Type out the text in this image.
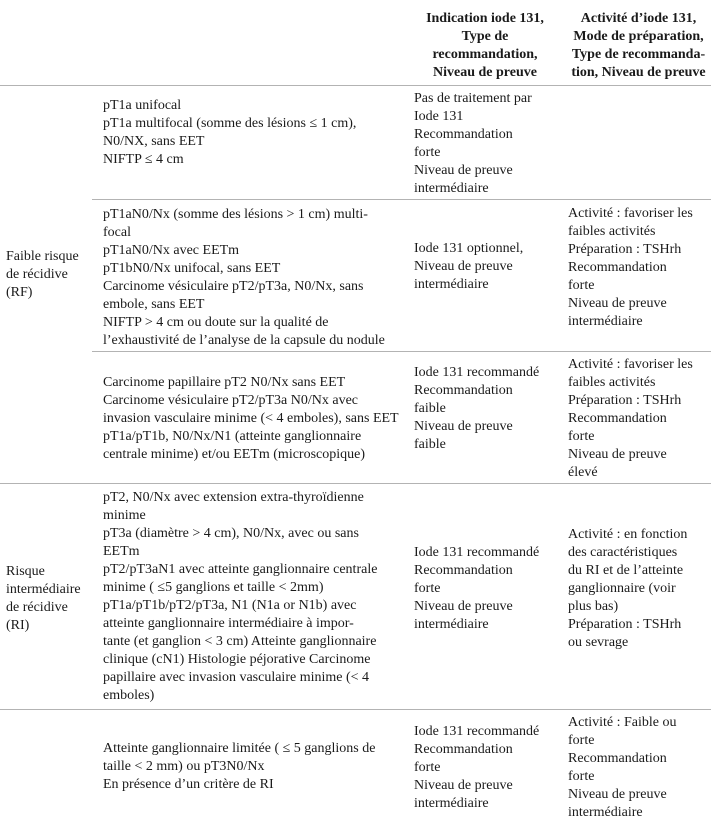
Indication iode 131,
Type de
recommandation,
Niveau de preuve
Activité d’iode 131,
Mode de préparation,
Type de recommanda-
tion, Niveau de preuve
Faible risque
de récidive
(RF)
pT1a unifocal
pT1a multifocal (somme des lésions ≤ 1 cm),
N0/NX, sans EET
NIFTP ≤ 4 cm
Pas de traitement par
Iode 131
Recommandation
forte
Niveau de preuve
intermédiaire
pT1aN0/Nx (somme des lésions > 1 cm) multi-
focal
pT1aN0/Nx avec EETm
pT1bN0/Nx unifocal, sans EET
Carcinome vésiculaire pT2/pT3a, N0/Nx, sans
embole, sans EET
NIFTP > 4 cm ou doute sur la qualité de
l’exhaustivité de l’analyse de la capsule du nodule
Iode 131 optionnel,
Niveau de preuve
intermédiaire
Activité : favoriser les
faibles activités
Préparation : TSHrh
Recommandation
forte
Niveau de preuve
intermédiaire
Carcinome papillaire pT2 N0/Nx sans EET
Carcinome vésiculaire pT2/pT3a N0/Nx avec
invasion vasculaire minime (< 4 emboles), sans EET
pT1a/pT1b, N0/Nx/N1 (atteinte ganglionnaire
centrale minime) et/ou EETm (microscopique)
Iode 131 recommandé
Recommandation
faible
Niveau de preuve
faible
Activité : favoriser les
faibles activités
Préparation : TSHrh
Recommandation
forte
Niveau de preuve
élevé
Risque
intermédiaire
de récidive
(RI)
pT2, N0/Nx avec extension extra-thyroïdienne
minime
pT3a (diamètre > 4 cm), N0/Nx, avec ou sans
EETm
pT2/pT3aN1 avec atteinte ganglionnaire centrale
minime ( ≤5 ganglions et taille < 2mm)
pT1a/pT1b/pT2/pT3a, N1 (N1a or N1b) avec
atteinte ganglionnaire intermédiaire à impor-
tante (et ganglion < 3 cm) Atteinte ganglionnaire
clinique (cN1) Histologie péjorative Carcinome
papillaire avec invasion vasculaire minime (< 4
emboles)
Iode 131 recommandé
Recommandation
forte
Niveau de preuve
intermédiaire
Activité : en fonction
des caractéristiques
du RI et de l’atteinte
ganglionnaire (voir
plus bas)
Préparation : TSHrh
ou sevrage
Atteinte ganglionnaire limitée ( ≤ 5 ganglions de
taille < 2 mm) ou pT3N0/Nx
En présence d’un critère de RI
Iode 131 recommandé
Recommandation
forte
Niveau de preuve
intermédiaire
Activité : Faible ou
forte
Recommandation
forte
Niveau de preuve
intermédiaire
